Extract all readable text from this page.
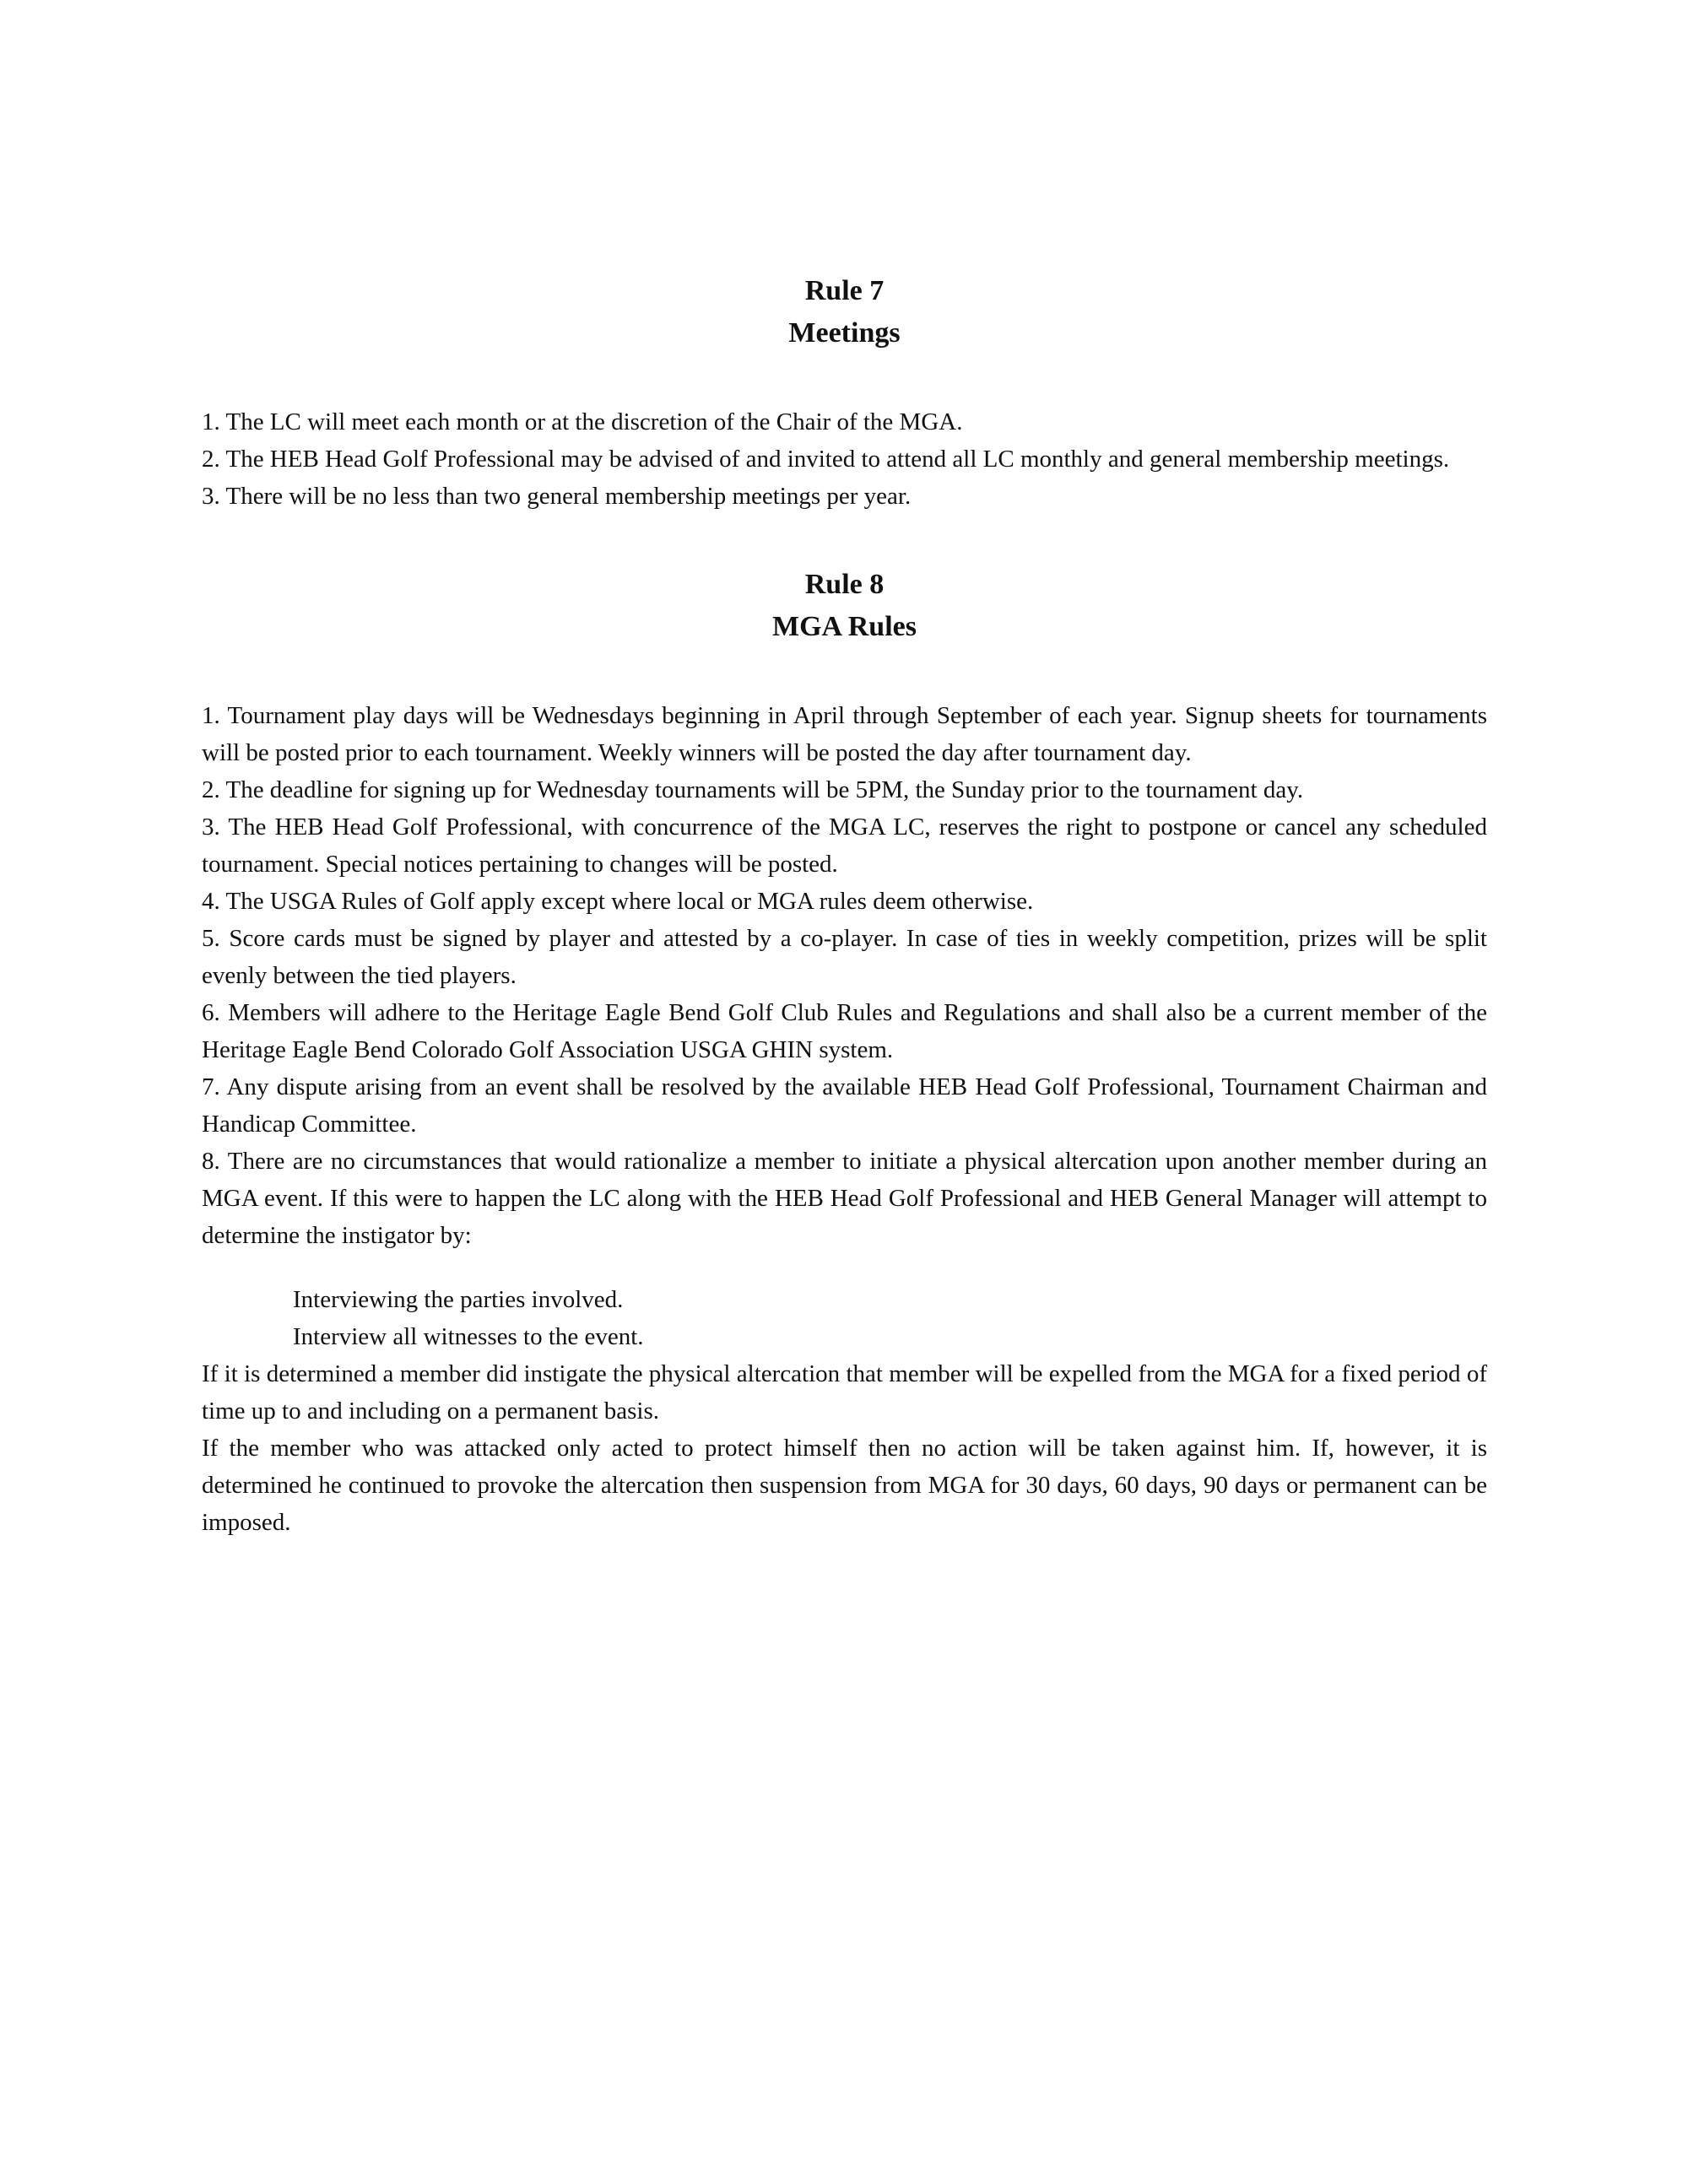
Rule 7
Meetings

1. The LC will meet each month or at the discretion of the Chair of the MGA.

2. The HEB Head Golf Professional may be advised of and invited to attend all LC monthly and general membership meetings.

3. There will be no less than two general membership meetings per year.

Rule 8
MGA Rules

1. Tournament play days will be Wednesdays beginning in April through September of each year. Signup sheets for tournaments will be posted prior to each tournament. Weekly winners will be posted the day after tournament day.

2. The deadline for signing up for Wednesday tournaments will be 5PM, the Sunday prior to the tournament day.

3. The HEB Head Golf Professional, with concurrence of the MGA LC, reserves the right to postpone or cancel any scheduled tournament. Special notices pertaining to changes will be posted.

4. The USGA Rules of Golf apply except where local or MGA rules deem otherwise.

5. Score cards must be signed by player and attested by a co-player. In case of ties in weekly competition, prizes will be split evenly between the tied players.

6. Members will adhere to the Heritage Eagle Bend Golf Club Rules and Regulations and shall also be a current member of the Heritage Eagle Bend Colorado Golf Association USGA GHIN system.

7. Any dispute arising from an event shall be resolved by the available HEB Head Golf Professional, Tournament Chairman and Handicap Committee.

8. There are no circumstances that would rationalize a member to initiate a physical altercation upon another member during an MGA event. If this were to happen the LC along with the HEB Head Golf Professional and HEB General Manager will attempt to determine the instigator by:

Interviewing the parties involved.

Interview all witnesses to the event.

If it is determined a member did instigate the physical altercation that member will be expelled from the MGA for a fixed period of time up to and including on a permanent basis.

If the member who was attacked only acted to protect himself then no action will be taken against him. If, however, it is determined he continued to provoke the altercation then suspension from MGA for 30 days, 60 days, 90 days or permanent can be imposed.
